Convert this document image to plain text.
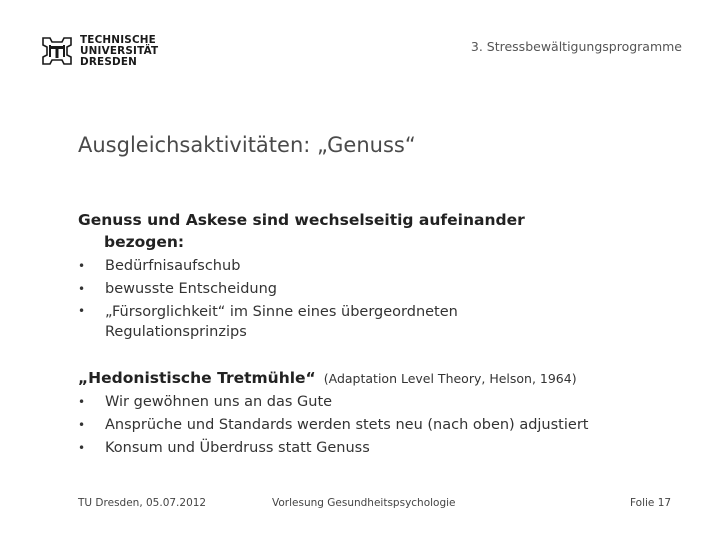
TECHNISCHE
UNIVERSITÄT
DRESDEN
3. Stressbewältigungsprogramme
Ausgleichsaktivitäten: „Genuss“
Genuss und Askese sind wechselseitig aufeinander
bezogen:
• Bedürfnisaufschub
• bewusste Entscheidung
• „Fürsorglichkeit“ im Sinne eines übergeordneten Regulationsprinzips
„Hedonistische Tretmühle“ (Adaptation Level Theory, Helson, 1964)
• Wir gewöhnen uns an das Gute
• Ansprüche und Standards werden stets neu (nach oben) adjustiert
• Konsum und Überdruss statt Genuss
TU Dresden, 05.07.2012	Vorlesung Gesundheitspsychologie	Folie 17
